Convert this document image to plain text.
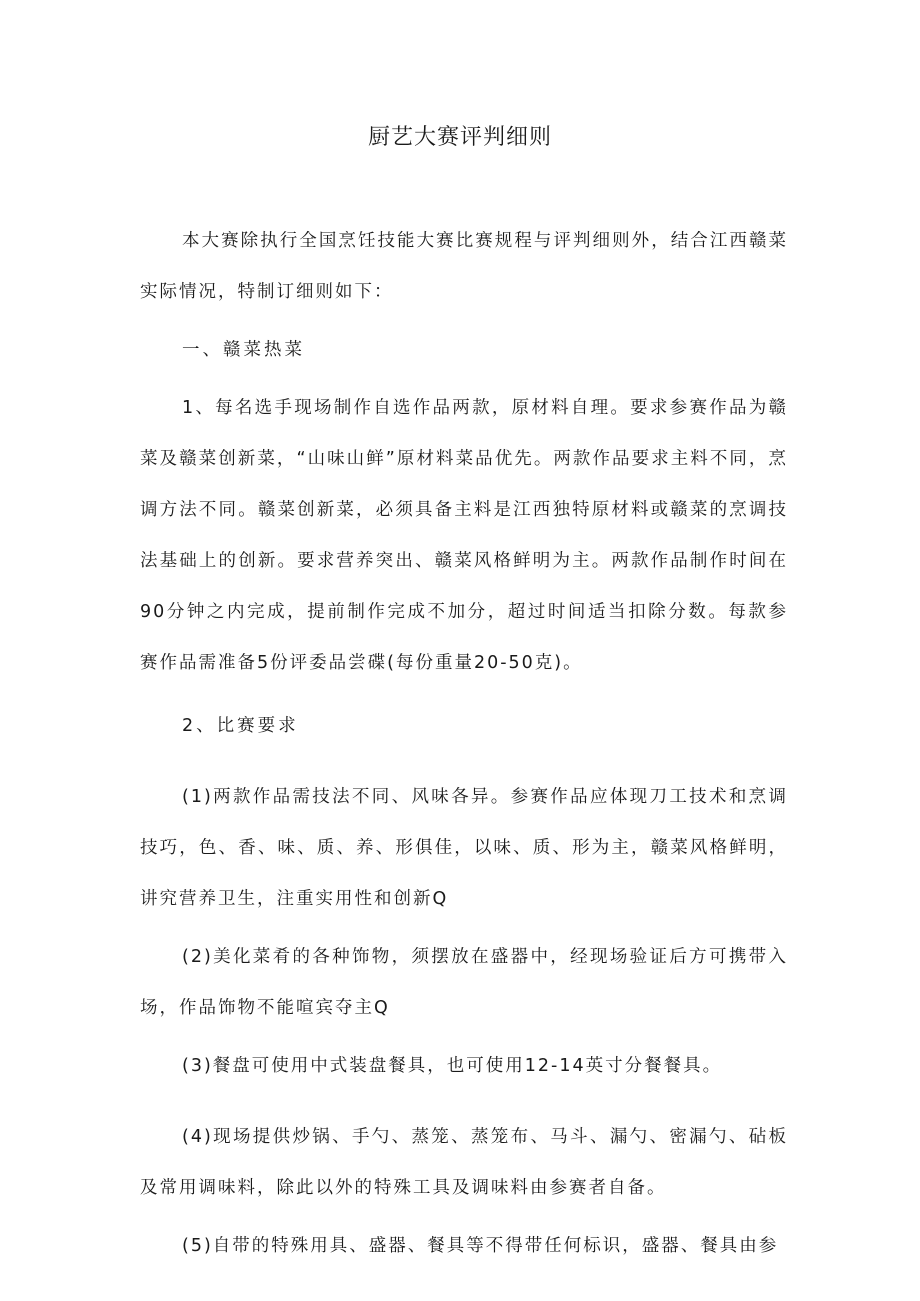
厨艺大赛评判细则

本大赛除执行全国烹饪技能大赛比赛规程与评判细则外，结合江西赣菜实际情况，特制订细则如下：

一、赣菜热菜

1、每名选手现场制作自选作品两款，原材料自理。要求参赛作品为赣菜及赣菜创新菜，“山味山鲜”原材料菜品优先。两款作品要求主料不同，烹调方法不同。赣菜创新菜，必须具备主料是江西独特原材料或赣菜的烹调技法基础上的创新。要求营养突出、赣菜风格鲜明为主。两款作品制作时间在90分钟之内完成，提前制作完成不加分，超过时间适当扣除分数。每款参赛作品需准备5份评委品尝碟(每份重量20-50克)。

2、比赛要求

(1)两款作品需技法不同、风味各异。参赛作品应体现刀工技术和烹调技巧，色、香、味、质、养、形俱佳，以味、质、形为主，赣菜风格鲜明，讲究营养卫生，注重实用性和创新Q

(2)美化菜肴的各种饰物，须摆放在盛器中，经现场验证后方可携带入场，作品饰物不能喧宾夺主Q

(3)餐盘可使用中式装盘餐具，也可使用12-14英寸分餐餐具。

(4)现场提供炒锅、手勺、蒸笼、蒸笼布、马斗、漏勺、密漏勺、砧板及常用调味料，除此以外的特殊工具及调味料由参赛者自备。

(5)自带的特殊用具、盛器、餐具等不得带任何标识，盛器、餐具由参
